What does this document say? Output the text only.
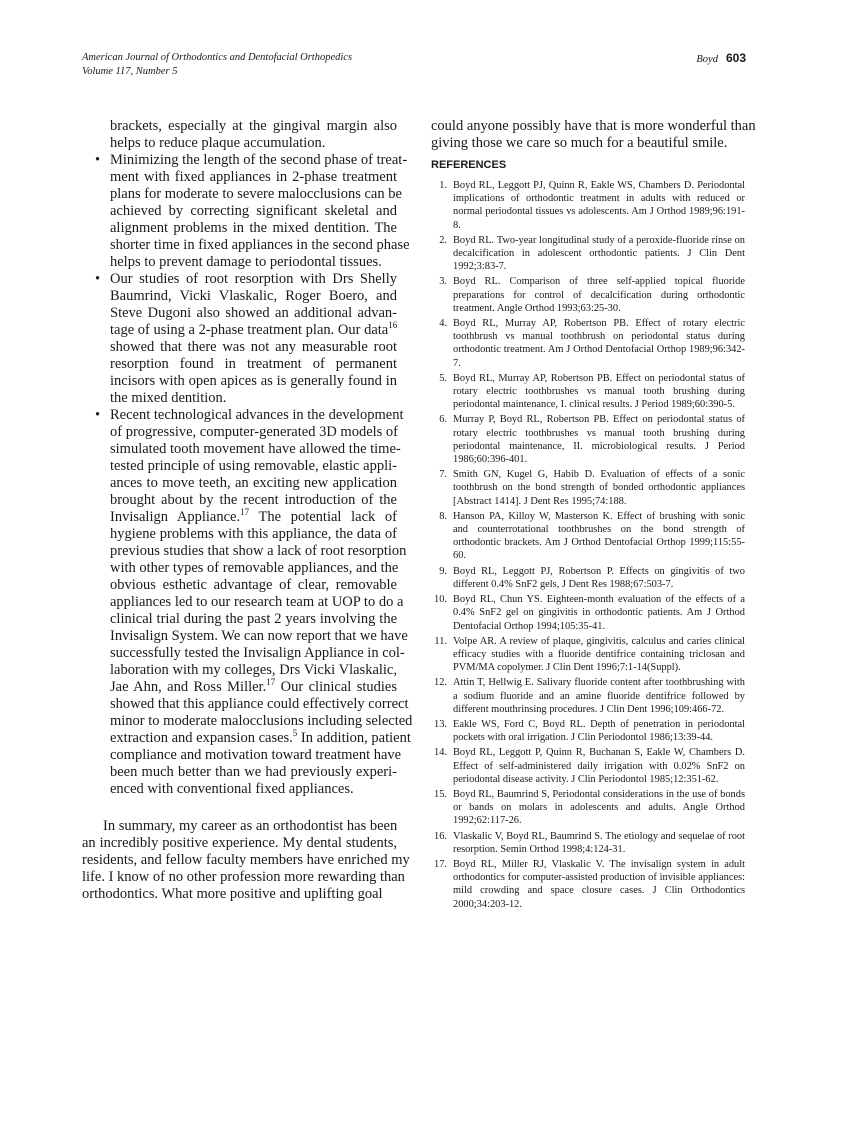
American Journal of Orthodontics and Dentofacial Orthopedics
Volume 117, Number 5
Boyd 603
brackets, especially at the gingival margin also
helps to reduce plaque accumulation.
• Minimizing the length of the second phase of treat-
ment with fixed appliances in 2-phase treatment
plans for moderate to severe malocclusions can be
achieved by correcting significant skeletal and
alignment problems in the mixed dentition. The
shorter time in fixed appliances in the second phase
helps to prevent damage to periodontal tissues.
• Our studies of root resorption with Drs Shelly
Baumrind, Vicki Vlaskalic, Roger Boero, and
Steve Dugoni also showed an additional advan-
tage of using a 2-phase treatment plan. Our data$^{16}$
showed that there was not any measurable root
resorption found in treatment of permanent
incisors with open apices as is generally found in
the mixed dentition.
• Recent technological advances in the development
of progressive, computer-generated 3D models of
simulated tooth movement have allowed the time-
tested principle of using removable, elastic appli-
ances to move teeth, an exciting new application
brought about by the recent introduction of the
Invisalign Appliance.$^{17}$ The potential lack of
hygiene problems with this appliance, the data of
previous studies that show a lack of root resorption
with other types of removable appliances, and the
obvious esthetic advantage of clear, removable
appliances led to our research team at UOP to do a
clinical trial during the past 2 years involving the
Invisalign System. We can now report that we have
successfully tested the Invisalign Appliance in col-
laboration with my colleges, Drs Vicki Vlaskalic,
Jae Ahn, and Ross Miller.$^{17}$ Our clinical studies
showed that this appliance could effectively correct
minor to moderate malocclusions including selected
extraction and expansion cases.$^5$ In addition, patient
compliance and motivation toward treatment have
been much better than we had previously experi-
enced with conventional fixed appliances.
In summary, my career as an orthodontist has been
an incredibly positive experience. My dental students,
residents, and fellow faculty members have enriched my
life. I know of no other profession more rewarding than
orthodontics. What more positive and uplifting goal
could anyone possibly have that is more wonderful than
giving those we care so much for a beautiful smile.
REFERENCES
1. Boyd RL, Leggott PJ, Quinn R, Eakle WS, Chambers D. Periodontal implications of orthodontic treatment in adults with reduced or normal periodontal tissues vs adolescents. Am J Orthod 1989;96:191-8.
2. Boyd RL. Two-year longitudinal study of a peroxide-fluoride rinse on decalcification in adolescent orthodontic patients. J Clin Dent 1992;3:83-7.
3. Boyd RL. Comparison of three self-applied topical fluoride preparations for control of decalcification during orthodontic treatment. Angle Orthod 1993;63:25-30.
4. Boyd RL, Murray AP, Robertson PB. Effect of rotary electric toothbrush vs manual toothbrush on periodontal status during orthodontic treatment. Am J Orthod Dentofacial Orthop 1989;96:342-7.
5. Boyd RL, Murray AP, Robertson PB. Effect on periodontal status of rotary electric toothbrushes vs manual tooth brushing during periodontal maintenance, I. clinical results. J Period 1989;60:390-5.
6. Murray P, Boyd RL, Robertson PB. Effect on periodontal status of rotary electric toothbrushes vs manual tooth brushing during periodontal maintenance, II. microbiological results. J Period 1986;60:396-401.
7. Smith GN, Kugel G, Habib D. Evaluation of effects of a sonic toothbrush on the bond strength of bonded orthodontic appliances [Abstract 1414]. J Dent Res 1995;74:188.
8. Hanson PA, Killoy W, Masterson K. Effect of brushing with sonic and counterrotational toothbrushes on the bond strength of orthodontic brackets. Am J Orthod Dentofacial Orthop 1999;115:55-60.
9. Boyd RL, Leggott PJ, Robertson P. Effects on gingivitis of two different 0.4% SnF2 gels, J Dent Res 1988;67:503-7.
10. Boyd RL, Chun YS. Eighteen-month evaluation of the effects of a 0.4% SnF2 gel on gingivitis in orthodontic patients. Am J Orthod Dentofacial Orthop 1994;105:35-41.
11. Volpe AR. A review of plaque, gingivitis, calculus and caries clinical efficacy studies with a fluoride dentifrice containing triclosan and PVM/MA copolymer. J Clin Dent 1996;7:1-14(Suppl).
12. Attin T, Hellwig E. Salivary fluoride content after toothbrushing with a sodium fluoride and an amine fluoride dentifrice followed by different mouthrinsing procedures. J Clin Dent 1996;109:466-72.
13. Eakle WS, Ford C, Boyd RL. Depth of penetration in periodontal pockets with oral irrigation. J Clin Periodontol 1986;13:39-44.
14. Boyd RL, Leggott P, Quinn R, Buchanan S, Eakle W, Chambers D. Effect of self-administered daily irrigation with 0.02% SnF2 on periodontal disease activity. J Clin Periodontol 1985;12:351-62.
15. Boyd RL, Baumrind S, Periodontal considerations in the use of bonds or bands on molars in adolescents and adults. Angle Orthod 1992;62:117-26.
16. Vlaskalic V, Boyd RL, Baumrind S. The etiology and sequelae of root resorption. Semin Orthod 1998;4:124-31.
17. Boyd RL, Miller RJ, Vlaskalic V. The invisalign system in adult orthodontics for computer-assisted production of invisible appliances: mild crowding and space closure cases. J Clin Orthodontics 2000;34:203-12.
